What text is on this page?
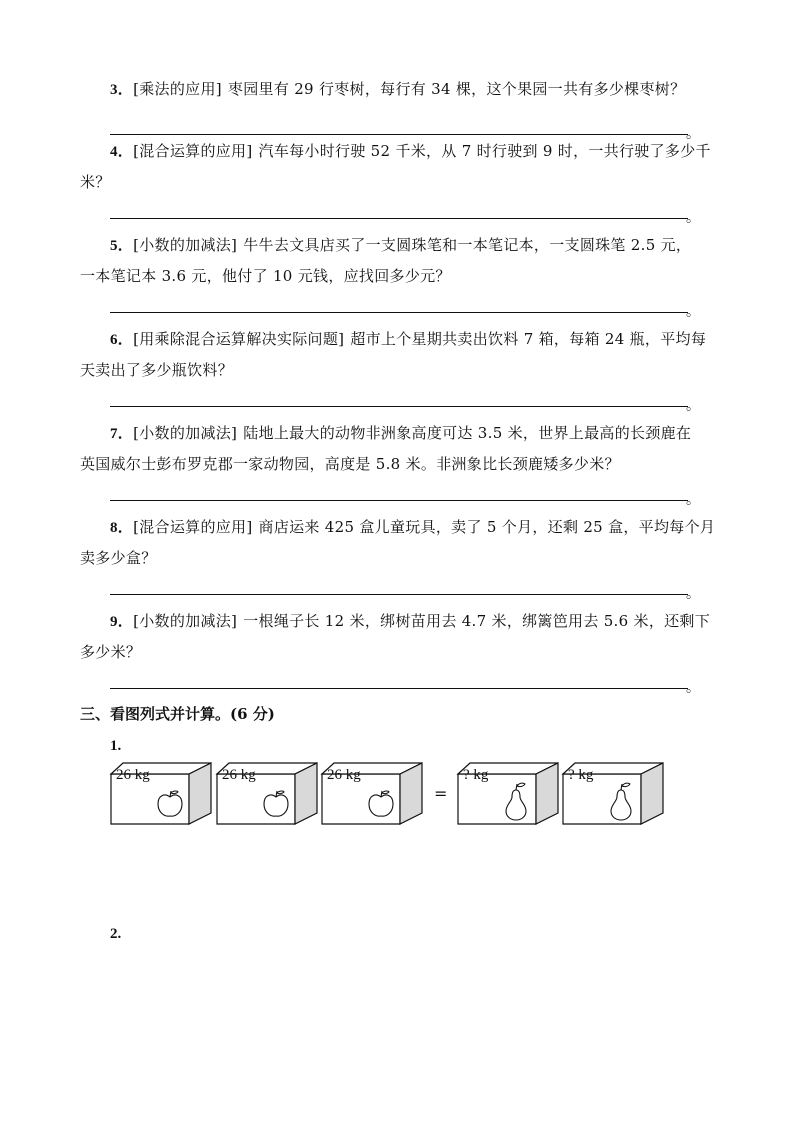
3．[乘法的应用] 枣园里有 29 行枣树，每行有 34 棵，这个果园一共有多少棵枣树？
。
4．[混合运算的应用] 汽车每小时行驶 52 千米，从 7 时行驶到 9 时，一共行驶了多少千
米？
。
5．[小数的加减法] 牛牛去文具店买了一支圆珠笔和一本笔记本，一支圆珠笔 2.5 元，
一本笔记本 3.6 元，他付了 10 元钱，应找回多少元？
。
6．[用乘除混合运算解决实际问题] 超市上个星期共卖出饮料 7 箱，每箱 24 瓶，平均每
天卖出了多少瓶饮料？
。
7．[小数的加减法] 陆地上最大的动物非洲象高度可达 3.5 米，世界上最高的长颈鹿在
英国威尔士彭布罗克郡一家动物园，高度是 5.8 米。非洲象比长颈鹿矮多少米？
。
8．[混合运算的应用] 商店运来 425 盒儿童玩具，卖了 5 个月，还剩 25 盒，平均每个月
卖多少盒？
。
9．[小数的加减法] 一根绳子长 12 米，绑树苗用去 4.7 米，绑篱笆用去 5.6 米，还剩下
多少米？
。
三、看图列式并计算。(6 分)
1.
26 kg	26 kg	26 kg
=
? kg	? kg
2.
